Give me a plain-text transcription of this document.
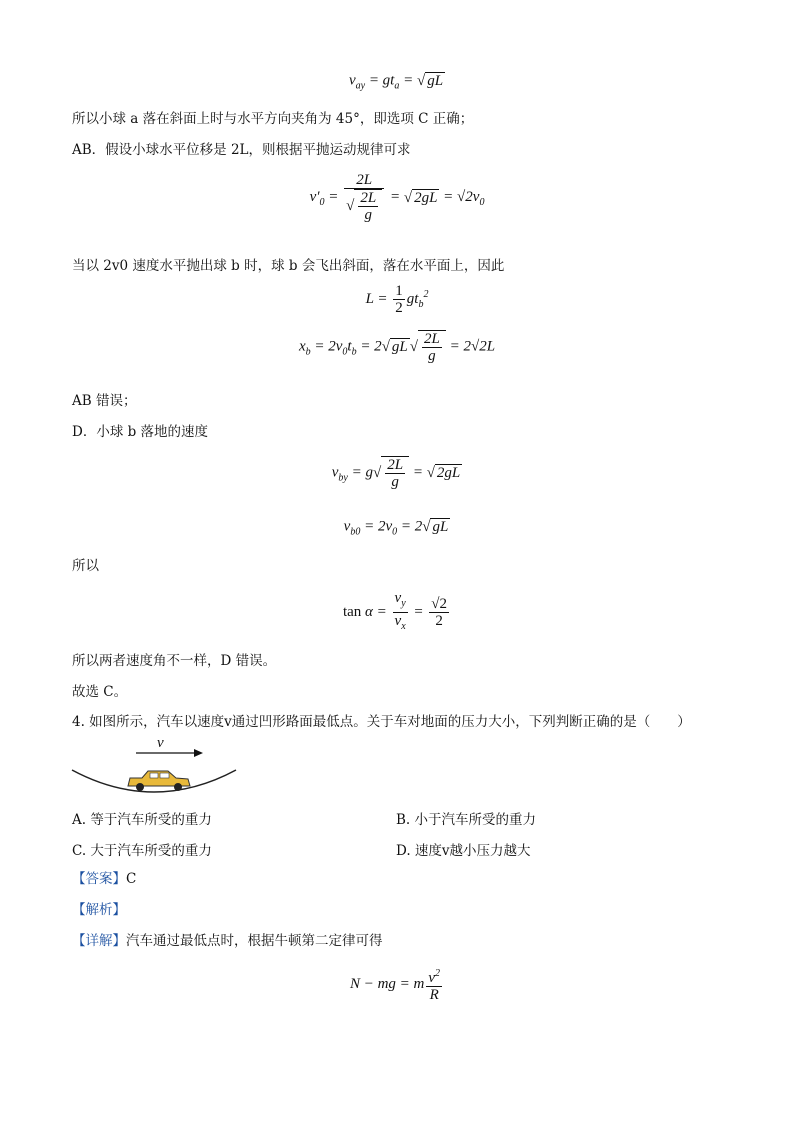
$v_{ay} = gt_a$ = √ gL
所以小球 a 落在斜面上时与水平方向夹角为 45°，即选项 C 正确；
AB．假设小球水平位移是 2L，则根据平抛运动规律可求
$v'_0 = \frac{2L}{√ \frac{2L}{g}}$ = √ $2gL = √2v_0$
当以 2v0 速度水平抛出球 b 时，球 b 会飞出斜面，落在水平面上，因此
$L = \frac{1}{2} gt_b^2$
$x_b = 2v_0t_b = 2√$ gL √ $\frac{2L}{g} = 2√2L$
AB 错误；
D．小球 b 落地的速度
$v_{by} = g√ \frac{2L}{g}$ = √ 2gL
$v_{b0} = 2v_0 = 2√$ gL
所以
$\tan \alpha = \frac{v_y}{v_x} = \frac{√2}{2}$
所以两者速度角不一样，D 错误。
故选 C。
4. 如图所示，汽车以速度v通过凹形路面最低点。关于车对地面的压力大小，下列判断正确的是（　　）
v
A. 等于汽车所受的重力	B. 小于汽车所受的重力
C. 大于汽车所受的重力	D. 速度v越小压力越大
【答案】C
【解析】
【详解】汽车通过最低点时，根据牛顿第二定律可得
N − mg = m $\frac{v^2}{R}$
